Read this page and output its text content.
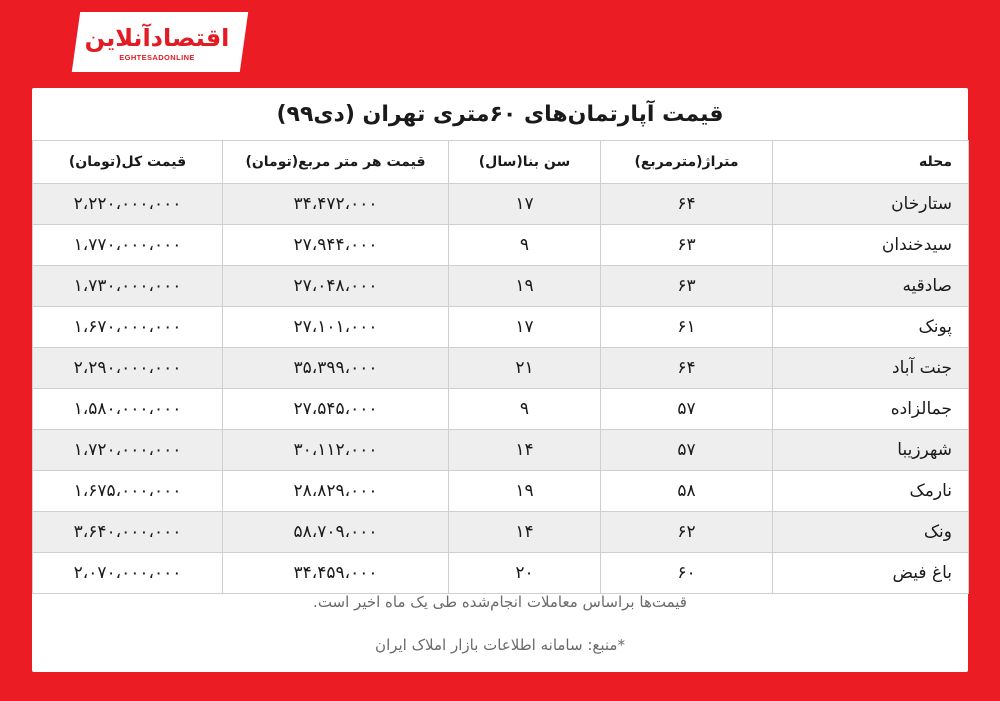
اقتصادآنلاین
EGHTESADONLINE
قیمت آپارتمان‌های ۶۰متری تهران (دی۹۹)
محله	متراژ(مترمربع)	سن بنا(سال)	قیمت هر متر مربع(تومان)	قیمت کل(تومان)
ستارخان	۶۴	۱۷	۳۴،۴۷۲،۰۰۰	۲،۲۲۰،۰۰۰،۰۰۰
سیدخندان	۶۳	۹	۲۷،۹۴۴،۰۰۰	۱،۷۷۰،۰۰۰،۰۰۰
صادقیه	۶۳	۱۹	۲۷،۰۴۸،۰۰۰	۱،۷۳۰،۰۰۰،۰۰۰
پونک	۶۱	۱۷	۲۷،۱۰۱،۰۰۰	۱،۶۷۰،۰۰۰،۰۰۰
جنت آباد	۶۴	۲۱	۳۵،۳۹۹،۰۰۰	۲،۲۹۰،۰۰۰،۰۰۰
جمالزاده	۵۷	۹	۲۷،۵۴۵،۰۰۰	۱،۵۸۰،۰۰۰،۰۰۰
شهرزیبا	۵۷	۱۴	۳۰،۱۱۲،۰۰۰	۱،۷۲۰،۰۰۰،۰۰۰
نارمک	۵۸	۱۹	۲۸،۸۲۹،۰۰۰	۱،۶۷۵،۰۰۰،۰۰۰
ونک	۶۲	۱۴	۵۸،۷۰۹،۰۰۰	۳،۶۴۰،۰۰۰،۰۰۰
باغ فیض	۶۰	۲۰	۳۴،۴۵۹،۰۰۰	۲،۰۷۰،۰۰۰،۰۰۰
قیمت‌ها براساس معاملات انجام‌شده طی یک ماه اخیر است.
*منبع: سامانه اطلاعات بازار املاک ایران
